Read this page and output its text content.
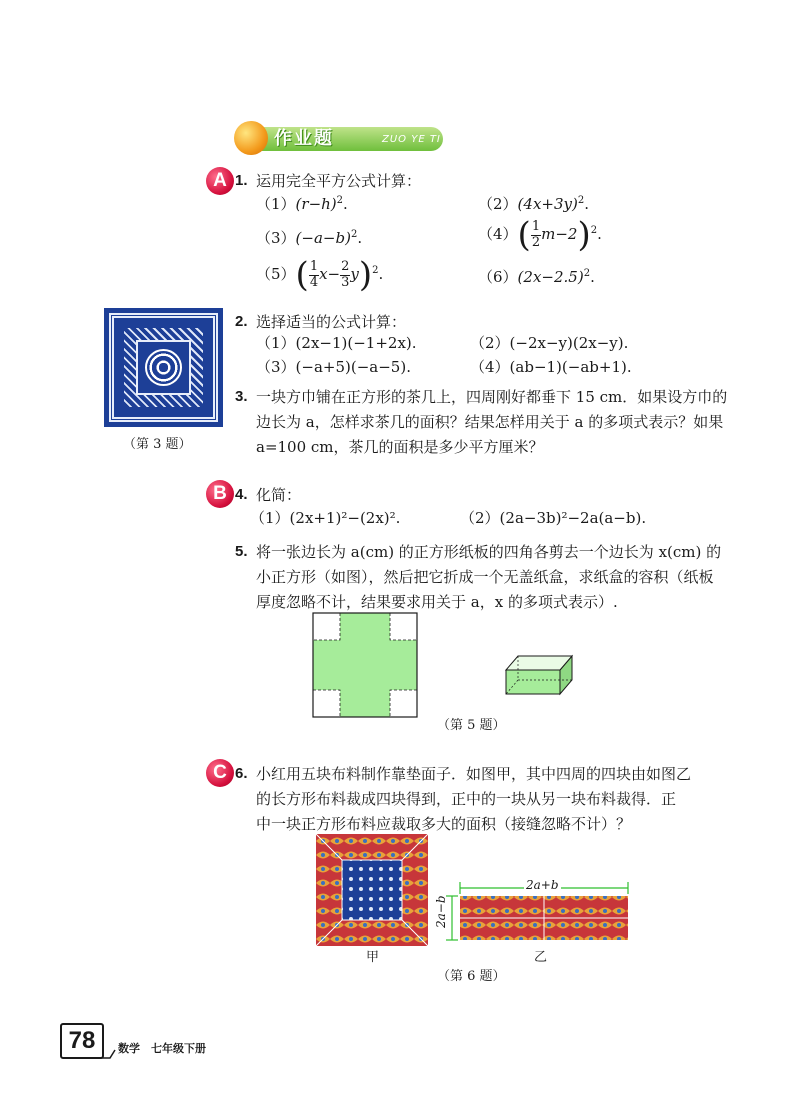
作业题	ZUO YE TI
A 1. 运用完全平方公式计算：
$(1)(r-h)^2$.	$(2)(4x+3y)^2$.
$(3)(-a-b)^2$.	$(4)( \frac{1}{2} m-2)^2$.
$(5)( \frac{1}{4} x- \frac{2}{3} y)^2$.	$(6)(2x-2.5)^2$.
（第 3 题）
2. 选择适当的公式计算：
（1）(2x−1)(−1+2x).	（2）(−2x−y)(2x−y).
（3）(−a+5)(−a−5).	（4）(ab−1)(−ab+1).
3. 一块方巾铺在正方形的茶几上，四周刚好都垂下 15 cm．如果设方巾的
边长为 a，怎样求茶几的面积？结果怎样用关于 a 的多项式表示？如果
a=100 cm，茶几的面积是多少平方厘米？
B 4. 化简：
（1）(2x+1)²−(2x)².	（2）(2a−3b)²−2a(a−b).
5. 将一张边长为 a(cm) 的正方形纸板的四角各剪去一个边长为 x(cm) 的
小正方形（如图），然后把它折成一个无盖纸盒，求纸盒的容积（纸板
厚度忽略不计，结果要求用关于 a，x 的多项式表示）.
（第 5 题）
C 6. 小红用五块布料制作靠垫面子．如图甲，其中四周的四块由如图乙
的长方形布料裁成四块得到，正中的一块从另一块布料裁得．正
中一块正方形布料应裁取多大的面积（接缝忽略不计）？
甲
2a+b
2a−b
乙
（第 6 题）
78	数学　七年级下册
